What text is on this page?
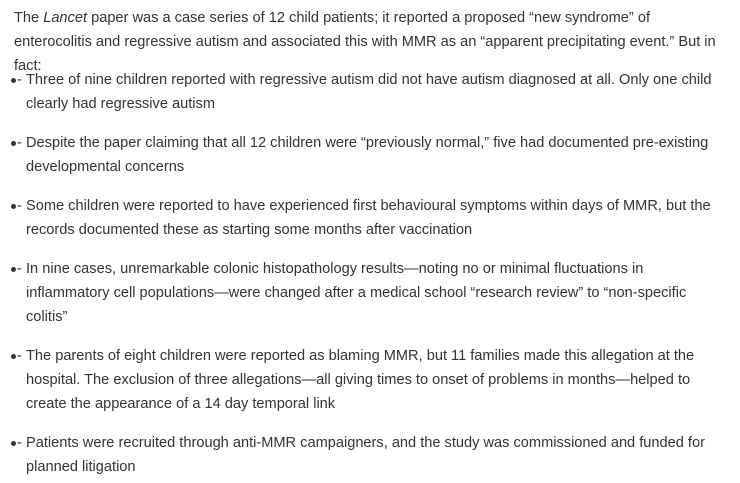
The Lancet paper was a case series of 12 child patients; it reported a proposed “new syndrome” of enterocolitis and regressive autism and associated this with MMR as an “apparent precipitating event.” But in fact:

- Three of nine children reported with regressive autism did not have autism diagnosed at all. Only one child clearly had regressive autism
- Despite the paper claiming that all 12 children were “previously normal,” five had documented pre-existing developmental concerns
- Some children were reported to have experienced first behavioural symptoms within days of MMR, but the records documented these as starting some months after vaccination
- In nine cases, unremarkable colonic histopathology results—noting no or minimal fluctuations in inflammatory cell populations—were changed after a medical school “research review” to “non-specific colitis”
- The parents of eight children were reported as blaming MMR, but 11 families made this allegation at the hospital. The exclusion of three allegations—all giving times to onset of problems in months—helped to create the appearance of a 14 day temporal link
- Patients were recruited through anti-MMR campaigners, and the study was commissioned and funded for planned litigation
